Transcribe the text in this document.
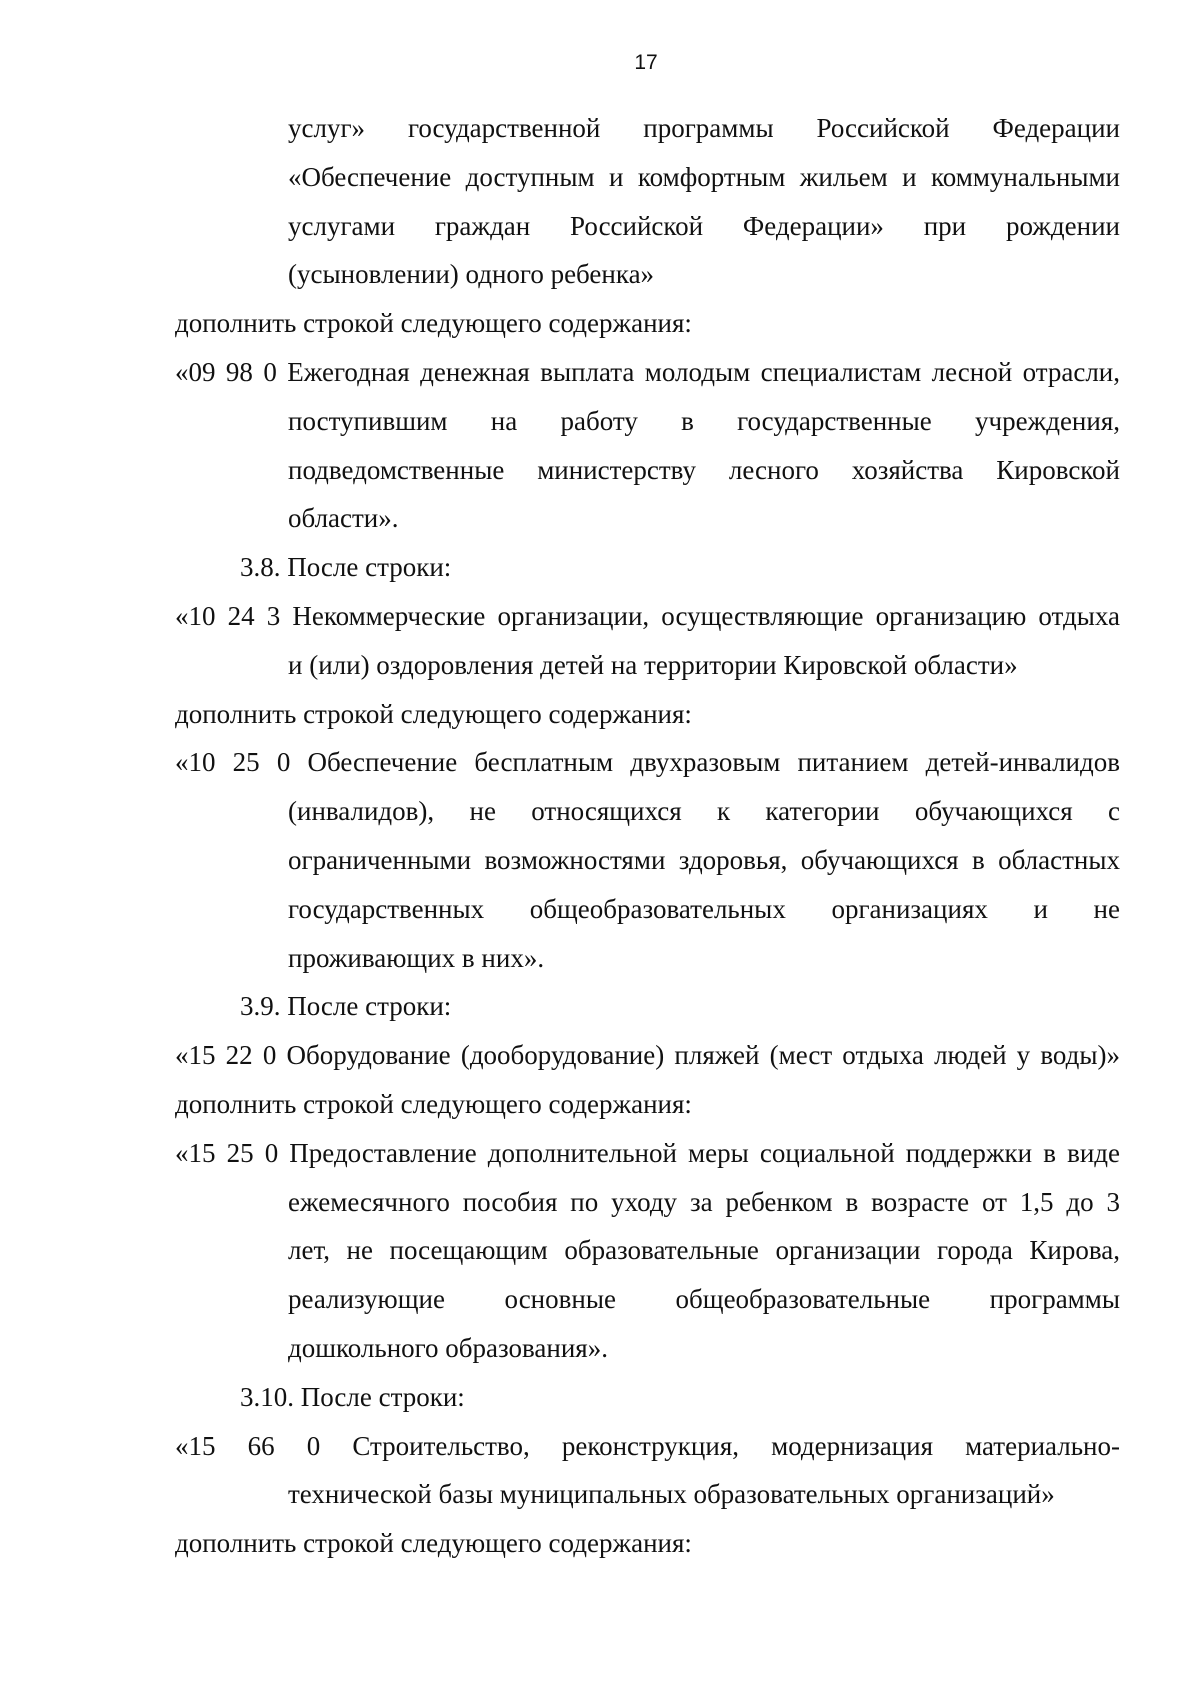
17
услуг» государственной программы Российской Федерации
«Обеспечение доступным и комфортным жильем и коммунальными
услугами граждан Российской Федерации» при рождении
(усыновлении) одного ребенка»
дополнить строкой следующего содержания:
«09 98 0 Ежегодная денежная выплата молодым специалистам лесной отрасли,
поступившим на работу в государственные учреждения,
подведомственные министерству лесного хозяйства Кировской
области».
3.8. После строки:
«10 24 3 Некоммерческие организации, осуществляющие организацию отдыха
и (или) оздоровления детей на территории Кировской области»
дополнить строкой следующего содержания:
«10 25 0 Обеспечение бесплатным двухразовым питанием детей-инвалидов
(инвалидов), не относящихся к категории обучающихся с
ограниченными возможностями здоровья, обучающихся в областных
государственных общеобразовательных организациях и не
проживающих в них».
3.9. После строки:
«15 22 0 Оборудование (дооборудование) пляжей (мест отдыха людей у воды)»
дополнить строкой следующего содержания:
«15 25 0 Предоставление дополнительной меры социальной поддержки в виде
ежемесячного пособия по уходу за ребенком в возрасте от 1,5 до 3
лет, не посещающим образовательные организации города Кирова,
реализующие основные общеобразовательные программы
дошкольного образования».
3.10. После строки:
«15 66 0 Строительство, реконструкция, модернизация материально-
технической базы муниципальных образовательных организаций»
дополнить строкой следующего содержания:
